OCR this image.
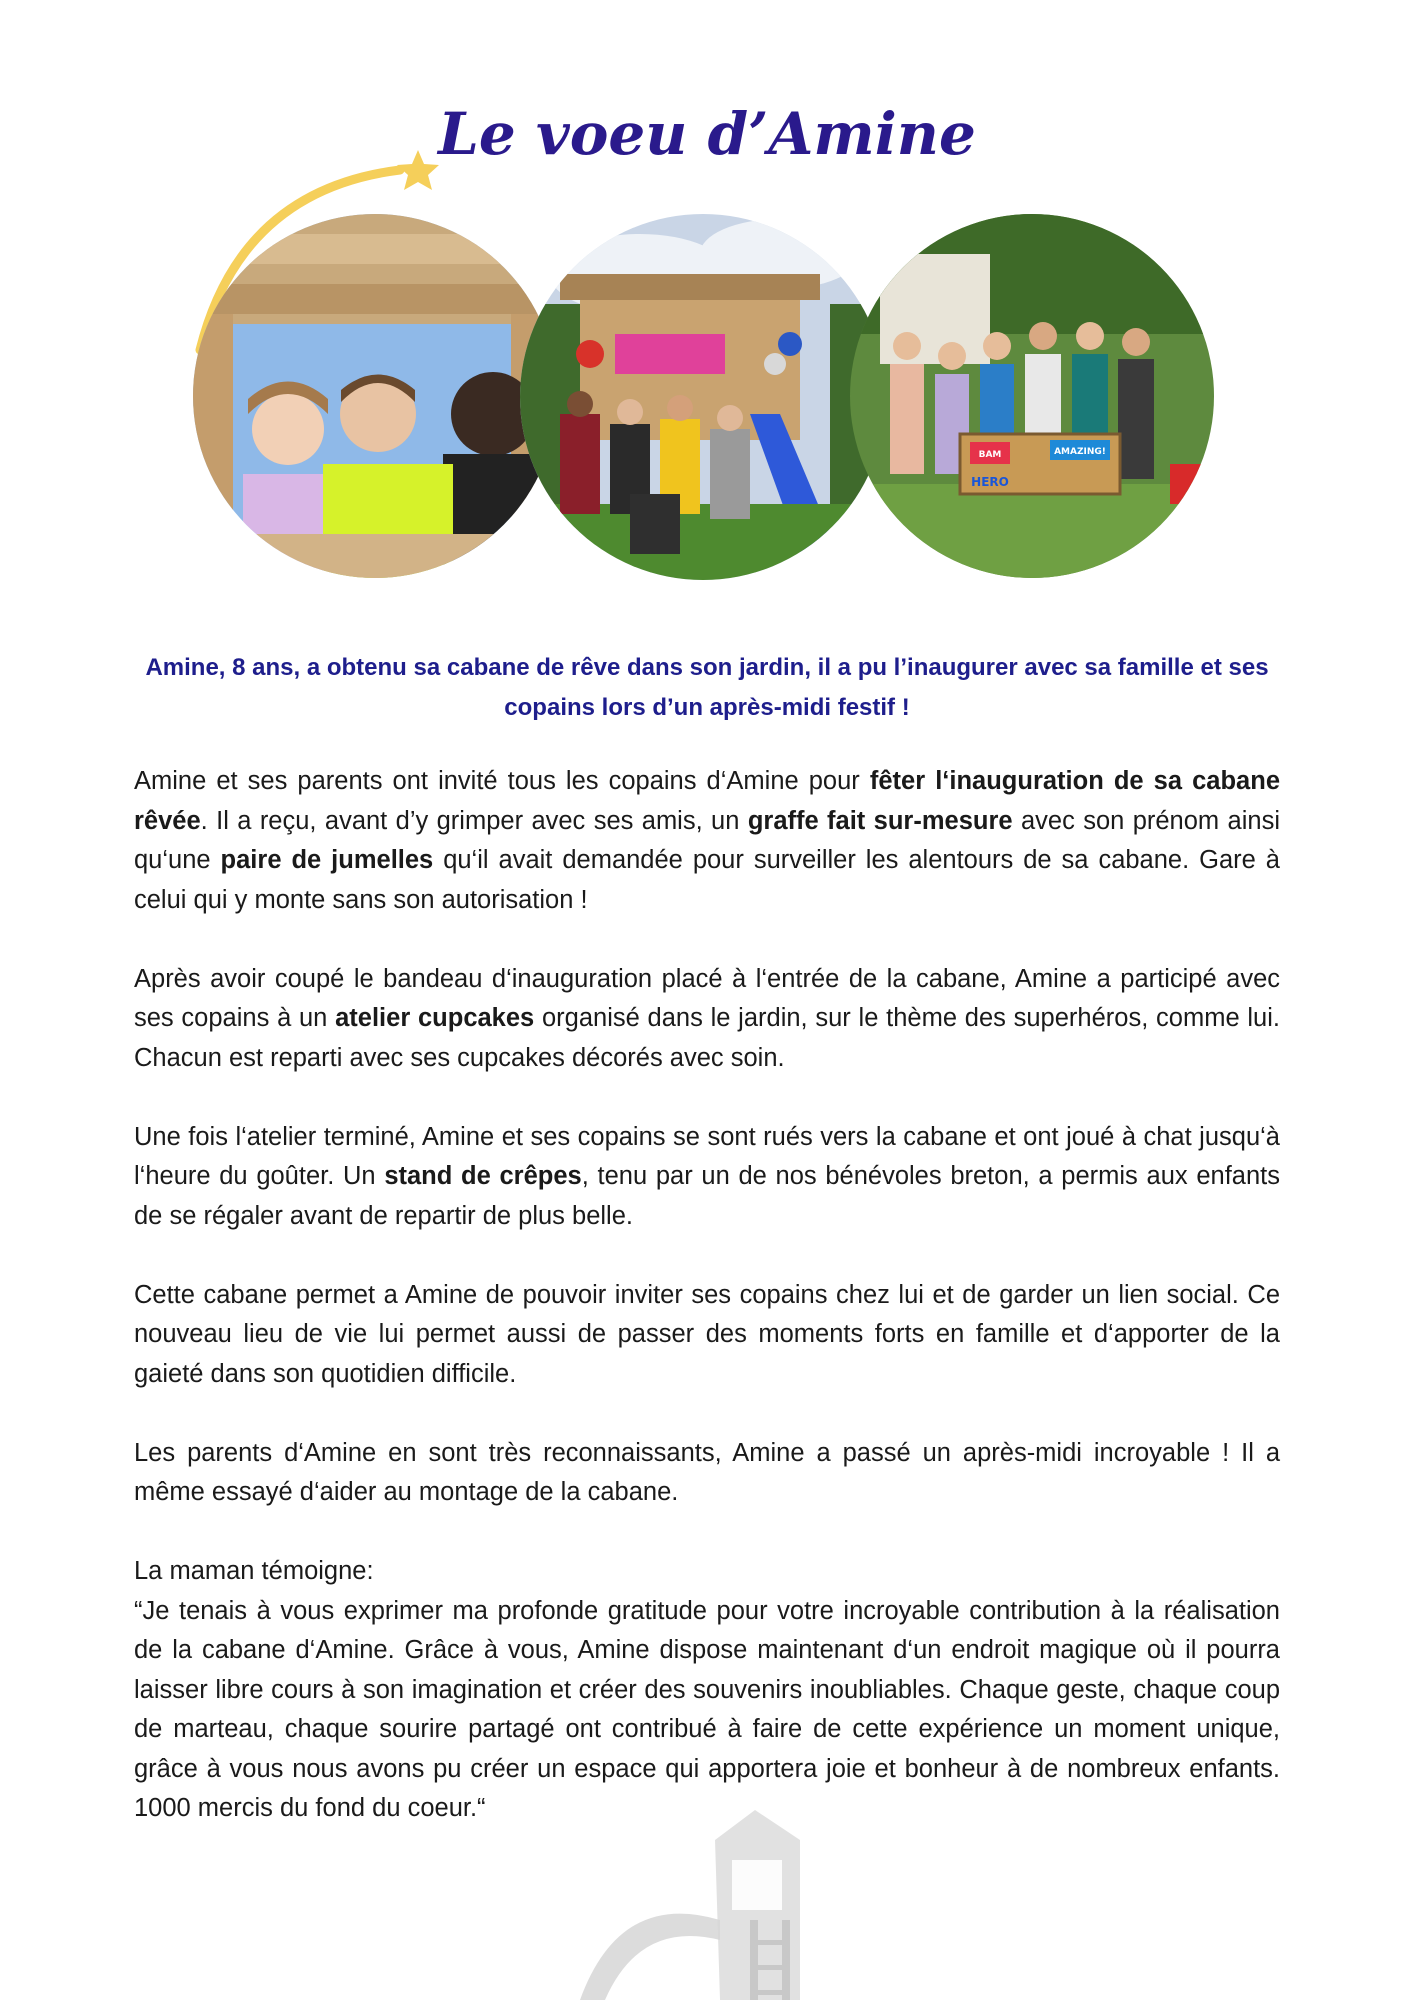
Le voeu d’Amine
BAM	AMAZING!
HERO
Amine, 8 ans, a obtenu sa cabane de rêve dans son jardin, il a pu l’inaugurer avec sa famille et ses copains lors d’un après-midi festif !

Amine et ses parents ont invité tous les copains d‘Amine pour fêter l‘inauguration de sa cabane rêvée. Il a reçu, avant d’y grimper avec ses amis, un graffe fait sur-mesure avec son prénom ainsi qu‘une paire de jumelles qu‘il avait demandée pour surveiller les alentours de sa cabane. Gare à celui qui y monte sans son autorisation !

Après avoir coupé le bandeau d‘inauguration placé à l‘entrée de la cabane, Amine a participé avec ses copains à un atelier cupcakes organisé dans le jardin, sur le thème des superhéros, comme lui. Chacun est reparti avec ses cupcakes décorés avec soin.

Une fois l‘atelier terminé, Amine et ses copains se sont rués vers la cabane et ont joué à chat jusqu‘à l‘heure du goûter. Un stand de crêpes, tenu par un de nos bénévoles breton, a permis aux enfants de se régaler avant de repartir de plus belle.

Cette cabane permet a Amine de pouvoir inviter ses copains chez lui et de garder un lien social. Ce nouveau lieu de vie lui permet aussi de passer des moments forts en famille et d‘apporter de la gaieté dans son quotidien difficile.

Les parents d‘Amine en sont très reconnaissants, Amine a passé un après-midi incroyable ! Il a même essayé d‘aider au montage de la cabane.

La maman témoigne:
“Je tenais à vous exprimer ma profonde gratitude pour votre incroyable contribution à la réalisation de la cabane d‘Amine. Grâce à vous, Amine dispose maintenant d‘un endroit magique où il pourra laisser libre cours à son imagination et créer des souvenirs inoubliables. Chaque geste, chaque coup de marteau, chaque sourire partagé ont contribué à faire de cette expérience un moment unique, grâce à vous nous avons pu créer un espace qui apportera joie et bonheur à de nombreux enfants. 1000 mercis du fond du coeur.“
